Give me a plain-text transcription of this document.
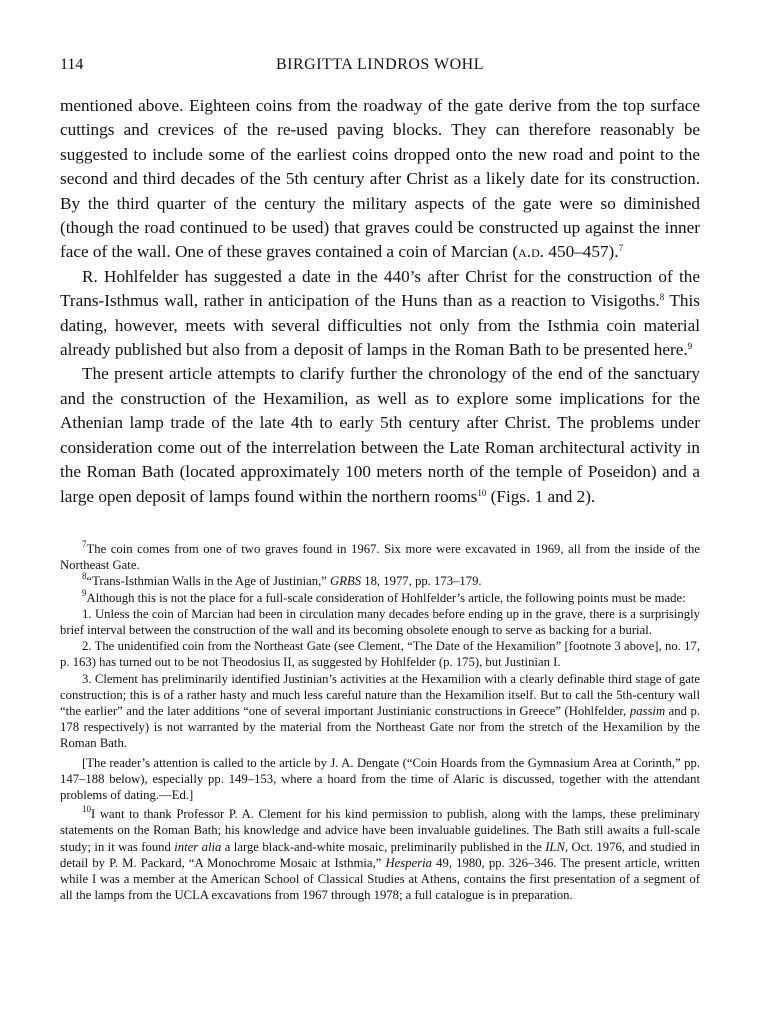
114	BIRGITTA LINDROS WOHL

mentioned above. Eighteen coins from the roadway of the gate derive from the top surface cuttings and crevices of the re-used paving blocks. They can therefore reasonably be suggested to include some of the earliest coins dropped onto the new road and point to the second and third decades of the 5th century after Christ as a likely date for its construction. By the third quarter of the century the military aspects of the gate were so diminished (though the road continued to be used) that graves could be constructed up against the inner face of the wall. One of these graves contained a coin of Marcian (a.d. 450–457).$^7$

R. Hohlfelder has suggested a date in the 440’s after Christ for the construction of the Trans-Isthmus wall, rather in anticipation of the Huns than as a reaction to Visigoths.$^8$ This dating, however, meets with several difficulties not only from the Isthmia coin material already published but also from a deposit of lamps in the Roman Bath to be presented here.$^9$

The present article attempts to clarify further the chronology of the end of the sanctuary and the construction of the Hexamilion, as well as to explore some implications for the Athenian lamp trade of the late 4th to early 5th century after Christ. The problems under consideration come out of the interrelation between the Late Roman architectural activity in the Roman Bath (located approximately 100 meters north of the temple of Poseidon) and a large open deposit of lamps found within the northern rooms$^{10}$ (Figs. 1 and 2).

$^7$The coin comes from one of two graves found in 1967. Six more were excavated in 1969, all from the inside of the Northeast Gate.

$^8$“Trans-Isthmian Walls in the Age of Justinian,” GRBS 18, 1977, pp. 173–179.

$^9$Although this is not the place for a full-scale consideration of Hohlfelder’s article, the following points must be made:

1. Unless the coin of Marcian had been in circulation many decades before ending up in the grave, there is a surprisingly brief interval between the construction of the wall and its becoming obsolete enough to serve as backing for a burial.

2. The unidentified coin from the Northeast Gate (see Clement, “The Date of the Hexamilion” [footnote 3 above], no. 17, p. 163) has turned out to be not Theodosius II, as suggested by Hohlfelder (p. 175), but Justinian I.

3. Clement has preliminarily identified Justinian’s activities at the Hexamilion with a clearly definable third stage of gate construction; this is of a rather hasty and much less careful nature than the Hexamilion itself. But to call the 5th-century wall “the earlier” and the later additions “one of several important Justinianic constructions in Greece” (Hohlfelder, passim and p. 178 respectively) is not warranted by the material from the Northeast Gate nor from the stretch of the Hexamilion by the Roman Bath.

[The reader’s attention is called to the article by J. A. Dengate (“Coin Hoards from the Gymnasium Area at Corinth,” pp. 147–188 below), especially pp. 149–153, where a hoard from the time of Alaric is discussed, together with the attendant problems of dating.—Ed.]

$^{10}$I want to thank Professor P. A. Clement for his kind permission to publish, along with the lamps, these preliminary statements on the Roman Bath; his knowledge and advice have been invaluable guidelines. The Bath still awaits a full-scale study; in it was found inter alia a large black-and-white mosaic, preliminarily published in the ILN, Oct. 1976, and studied in detail by P. M. Packard, “A Monochrome Mosaic at Isthmia,” Hesperia 49, 1980, pp. 326–346. The present article, written while I was a member at the American School of Classical Studies at Athens, contains the first presentation of a segment of all the lamps from the UCLA excavations from 1967 through 1978; a full catalogue is in preparation.
